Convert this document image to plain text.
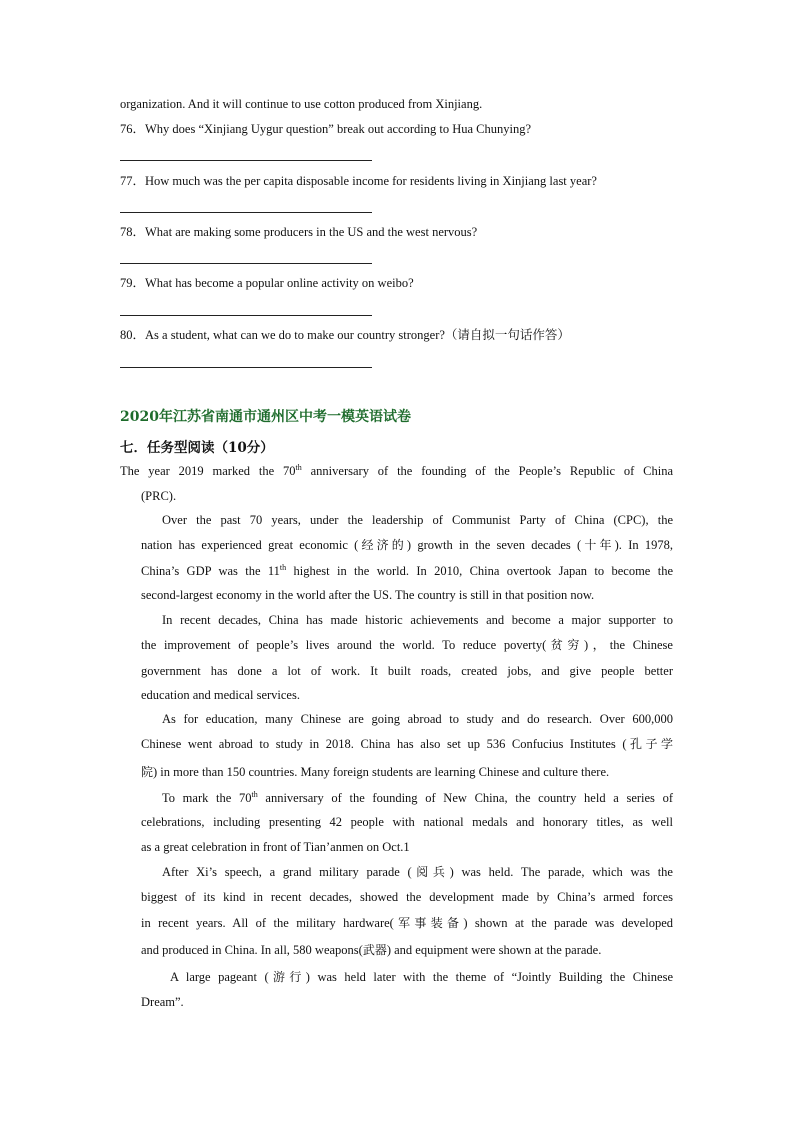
organization. And it will continue to use cotton produced from Xinjiang.
76．Why does “Xinjiang Uygur question” break out according to Hua Chunying?
77．How much was the per capita disposable income for residents living in Xinjiang last year?
78．What are making some producers in the US and the west nervous?
79．What has become a popular online activity on weibo?
80．As a student, what can we do to make our country stronger?（请自拟一句话作答）
2020年江苏省南通市通州区中考一模英语试卷
七．任务型阅读（10分）
The year 2019 marked the 70th anniversary of the founding of the People’s Republic of China
(PRC).
Over the past 70 years, under the leadership of Communist Party of China (CPC), the
nation has experienced great economic (经济的) growth in the seven decades (十年). In 1978,
China’s GDP was the 11th highest in the world. In 2010, China overtook Japan to become the
second-largest economy in the world after the US. The country is still in that position now.
In recent decades, China has made historic achievements and become a major supporter to
the improvement of people’s lives around the world. To reduce poverty(贫穷)，the Chinese
government has done a lot of work. It built roads, created jobs, and give people better
education and medical services.
As for education, many Chinese are going abroad to study and do research. Over 600,000
Chinese went abroad to study in 2018. China has also set up 536 Confucius Institutes (孔子学
院) in more than 150 countries. Many foreign students are learning Chinese and culture there.
To mark the 70th anniversary of the founding of New China, the country held a series of
celebrations, including presenting 42 people with national medals and honorary titles, as well
as a great celebration in front of Tian’anmen on Oct.1
After Xi’s speech, a grand military parade (阅兵) was held. The parade, which was the
biggest of its kind in recent decades, showed the development made by China’s armed forces
in recent years. All of the military hardware(军事装备) shown at the parade was developed
and produced in China. In all, 580 weapons(武器) and equipment were shown at the parade.
A large pageant (游行) was held later with the theme of “Jointly Building the Chinese
Dream”.
